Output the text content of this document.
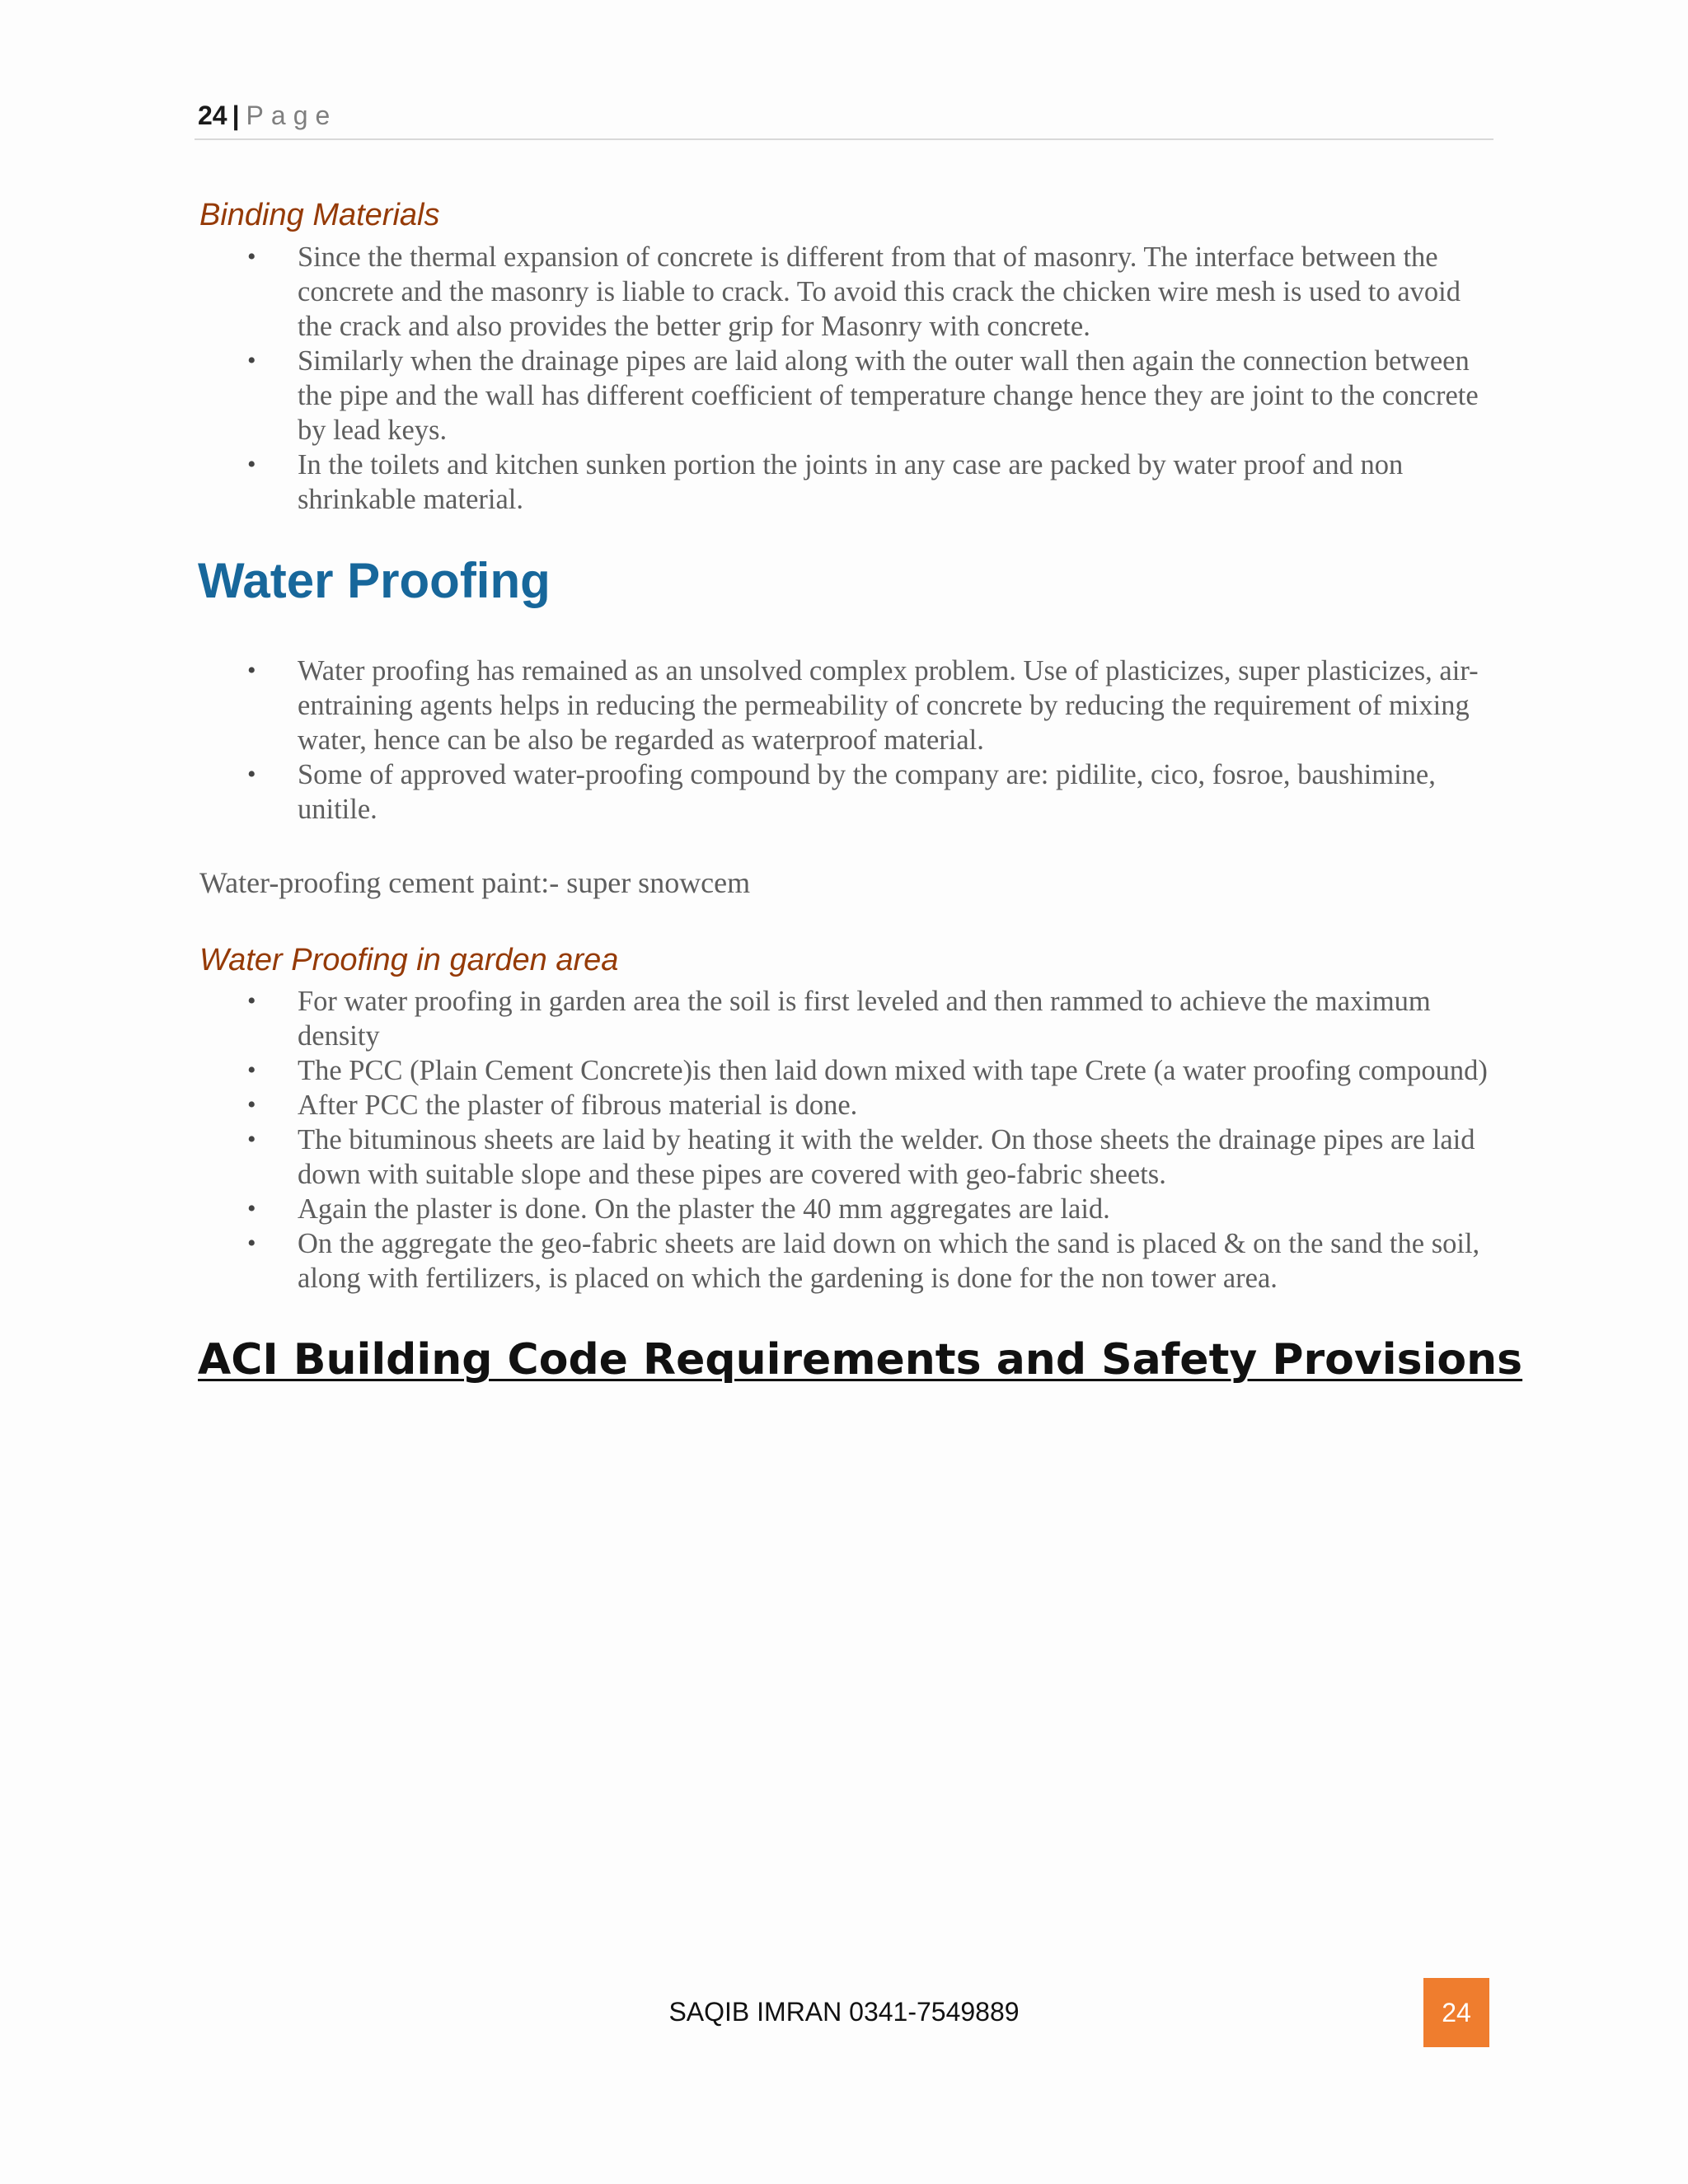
24 | Page
Binding Materials
• Since the thermal expansion of concrete is different from that of masonry. The interface between the concrete and the masonry is liable to crack. To avoid this crack the chicken wire mesh is used to avoid the crack and also provides the better grip for Masonry with concrete.
• Similarly when the drainage pipes are laid along with the outer wall then again the connection between the pipe and the wall has different coefficient of temperature change hence they are joint to the concrete by lead keys.
• In the toilets and kitchen sunken portion the joints in any case are packed by water proof and non shrinkable material.
Water Proofing
• Water proofing has remained as an unsolved complex problem. Use of plasticizes, super plasticizes, air-entraining agents helps in reducing the permeability of concrete by reducing the requirement of mixing water, hence can be also be regarded as waterproof material.
• Some of approved water-proofing compound by the company are: pidilite, cico, fosroe, baushimine, unitile.

Water-proofing cement paint:- super snowcem

Water Proofing in garden area
• For water proofing in garden area the soil is first leveled and then rammed to achieve the maximum density
• The PCC (Plain Cement Concrete)is then laid down mixed with tape Crete (a water proofing compound)
• After PCC the plaster of fibrous material is done.
• The bituminous sheets are laid by heating it with the welder. On those sheets the drainage pipes are laid down with suitable slope and these pipes are covered with geo-fabric sheets.
• Again the plaster is done. On the plaster the 40 mm aggregates are laid.
• On the aggregate the geo-fabric sheets are laid down on which the sand is placed & on the sand the soil, along with fertilizers, is placed on which the gardening is done for the non tower area.
ACI Building Code Requirements and Safety Provisions
SAQIB IMRAN 0341-7549889	24
